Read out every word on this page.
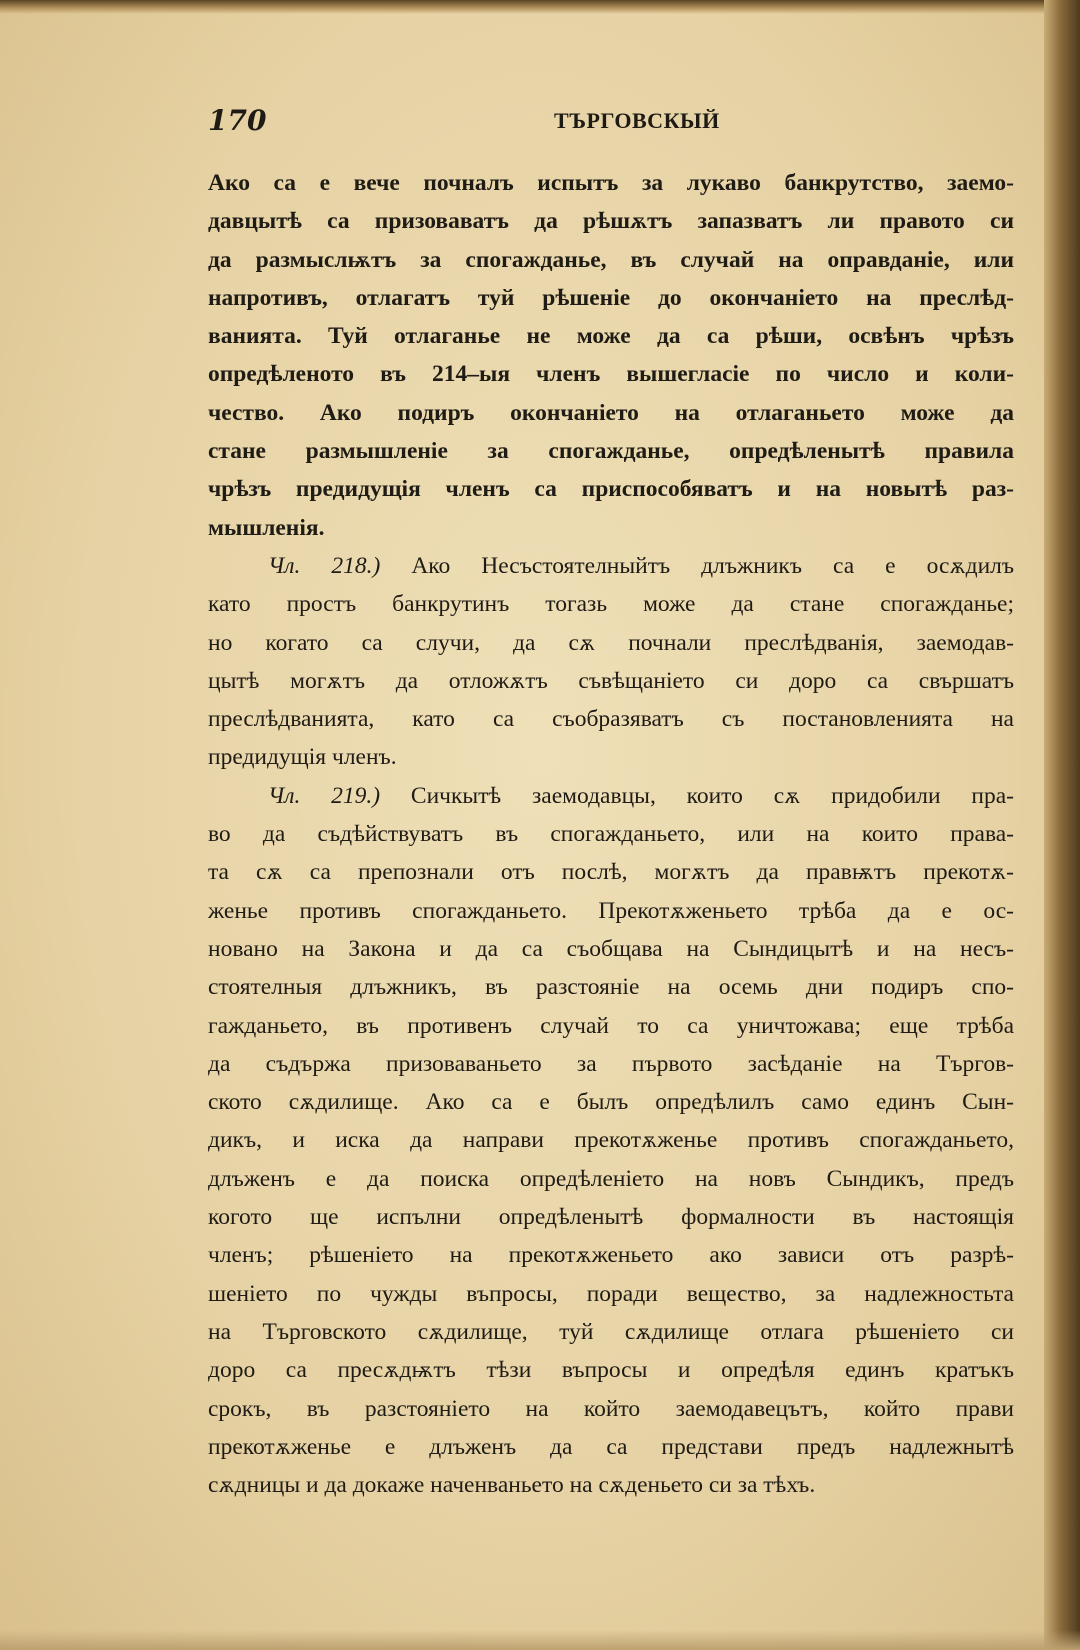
170	ТЪРГОВСКЫЙ
Ако са е вече почналъ испытъ за лукаво банкрутство, заемо-
давцытѣ са призоваватъ да рѣшѫтъ запазватъ ли правото си
да размыслѭтъ за спогажданье, въ случай на оправданіе, или
напротивъ, отлагатъ туй рѣшеніе до окончаніето на преслѣд-
ванията. Туй отлаганье не може да са рѣши, освѣнъ чрѣзъ
опредѣленото въ 214–ыя членъ вышегласіе по число и коли-
чество. Ако подиръ окончаніето на отлаганьето може да
стане размышленіе за спогажданье, опредѣленытѣ правила
чрѣзъ предидущія членъ са приспособяватъ и на новытѣ раз-
мышленія.
Чл. 218.) Ако Несъстоятелныйтъ длъжникъ са е осѫдилъ
като простъ банкрутинъ тогазь може да стане спогажданье;
но когато са случи, да сѫ почнали преслѣдванія, заемодав-
цытѣ могѫтъ да отложѫтъ съвѣщаніето си доро са свършатъ
преслѣдванията, като са съобразяватъ съ постановленията на
предидущія членъ.
Чл. 219.) Сичкытѣ заемодавцы, които сѫ придобили пра-
во да съдѣйствуватъ въ спогажданьето, или на които права-
та сѫ са препознали отъ послѣ, могѫтъ да правѭтъ прекотѫ-
женье противъ спогажданьето. Прекотѫженьето трѣба да е ос-
новано на Закона и да са съобщава на Сындицытѣ и на несъ-
стоятелныя длъжникъ, въ разстояніе на осемь дни подиръ спо-
гажданьето, въ противенъ случай то са уничтожава; еще трѣба
да съдържа призоваваньето за първото засѣданіе на Търгов-
ското сѫдилище. Ако са е былъ опредѣлилъ само единъ Сын-
дикъ, и иска да направи прекотѫженье противъ спогажданьето,
длъженъ е да поиска опредѣленіето на новъ Сындикъ, предъ
когото ще испълни опредѣленытѣ формалности въ настоящія
членъ; рѣшеніето на прекотѫженьето ако зависи отъ разрѣ-
шеніето по чужды въпросы, поради вещество, за надлежностьта
на Търговското сѫдилище, туй сѫдилище отлага рѣшеніето си
доро са пресѫдѭтъ тѣзи въпросы и опредѣля единъ кратъкъ
срокъ, въ разстояніето на който заемодавецътъ, който прави
прекотѫженье е длъженъ да са представи предъ надлежнытѣ
сѫдницы и да докаже наченваньето на сѫденьето си за тѣхъ.
